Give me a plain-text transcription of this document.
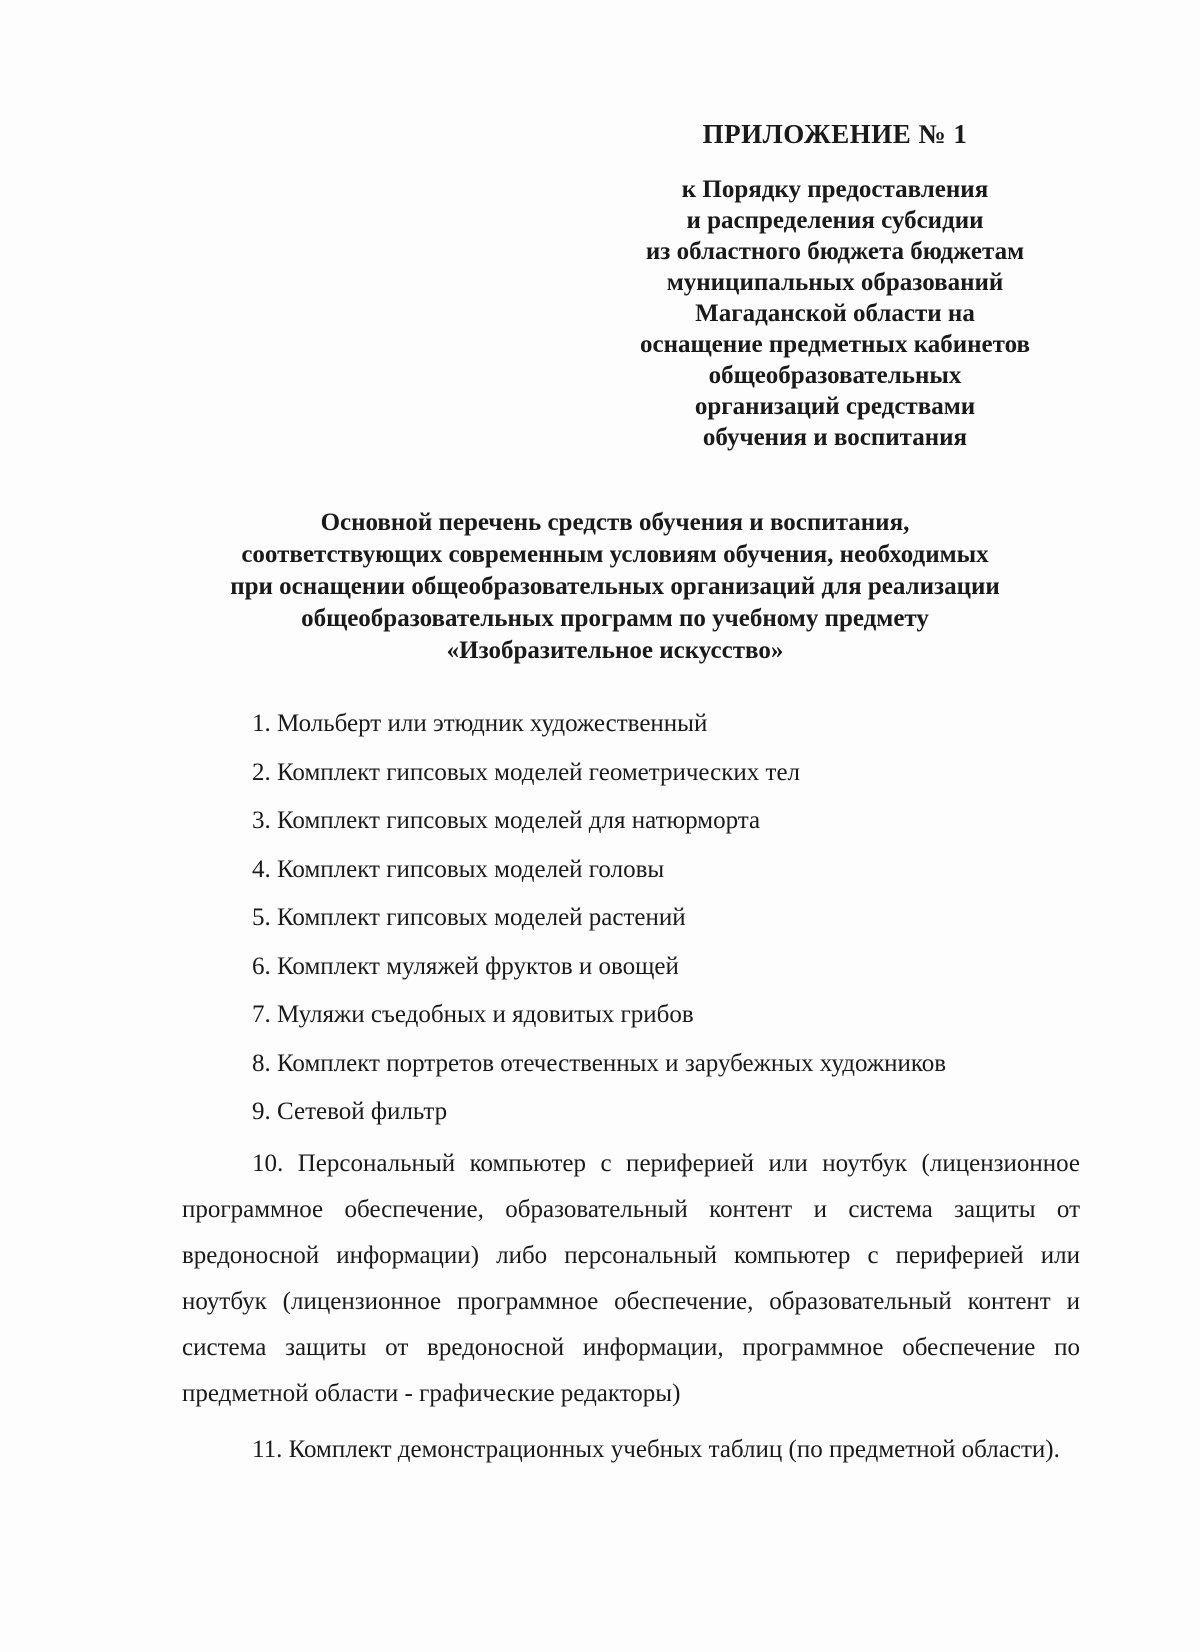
ПРИЛОЖЕНИЕ № 1
к Порядку предоставления
и распределения субсидии
из областного бюджета бюджетам
муниципальных образований
Магаданской области на
оснащение предметных кабинетов
общеобразовательных
организаций средствами
обучения и воспитания
Основной перечень средств обучения и воспитания,
соответствующих современным условиям обучения, необходимых
при оснащении общеобразовательных организаций для реализации
общеобразовательных программ по учебному предмету
«Изобразительное искусство»
1. Мольберт или этюдник художественный
2. Комплект гипсовых моделей геометрических тел
3. Комплект гипсовых моделей для натюрморта
4. Комплект гипсовых моделей головы
5. Комплект гипсовых моделей растений
6. Комплект муляжей фруктов и овощей
7. Муляжи съедобных и ядовитых грибов
8. Комплект портретов отечественных и зарубежных художников
9. Сетевой фильтр
10. Персональный компьютер с периферией или ноутбук (лицензионное программное обеспечение, образовательный контент и система защиты от вредоносной информации) либо персональный компьютер с периферией или ноутбук (лицензионное программное обеспечение, образовательный контент и система защиты от вредоносной информации, программное обеспечение по предметной области - графические редакторы)
11. Комплект демонстрационных учебных таблиц (по предметной области).
